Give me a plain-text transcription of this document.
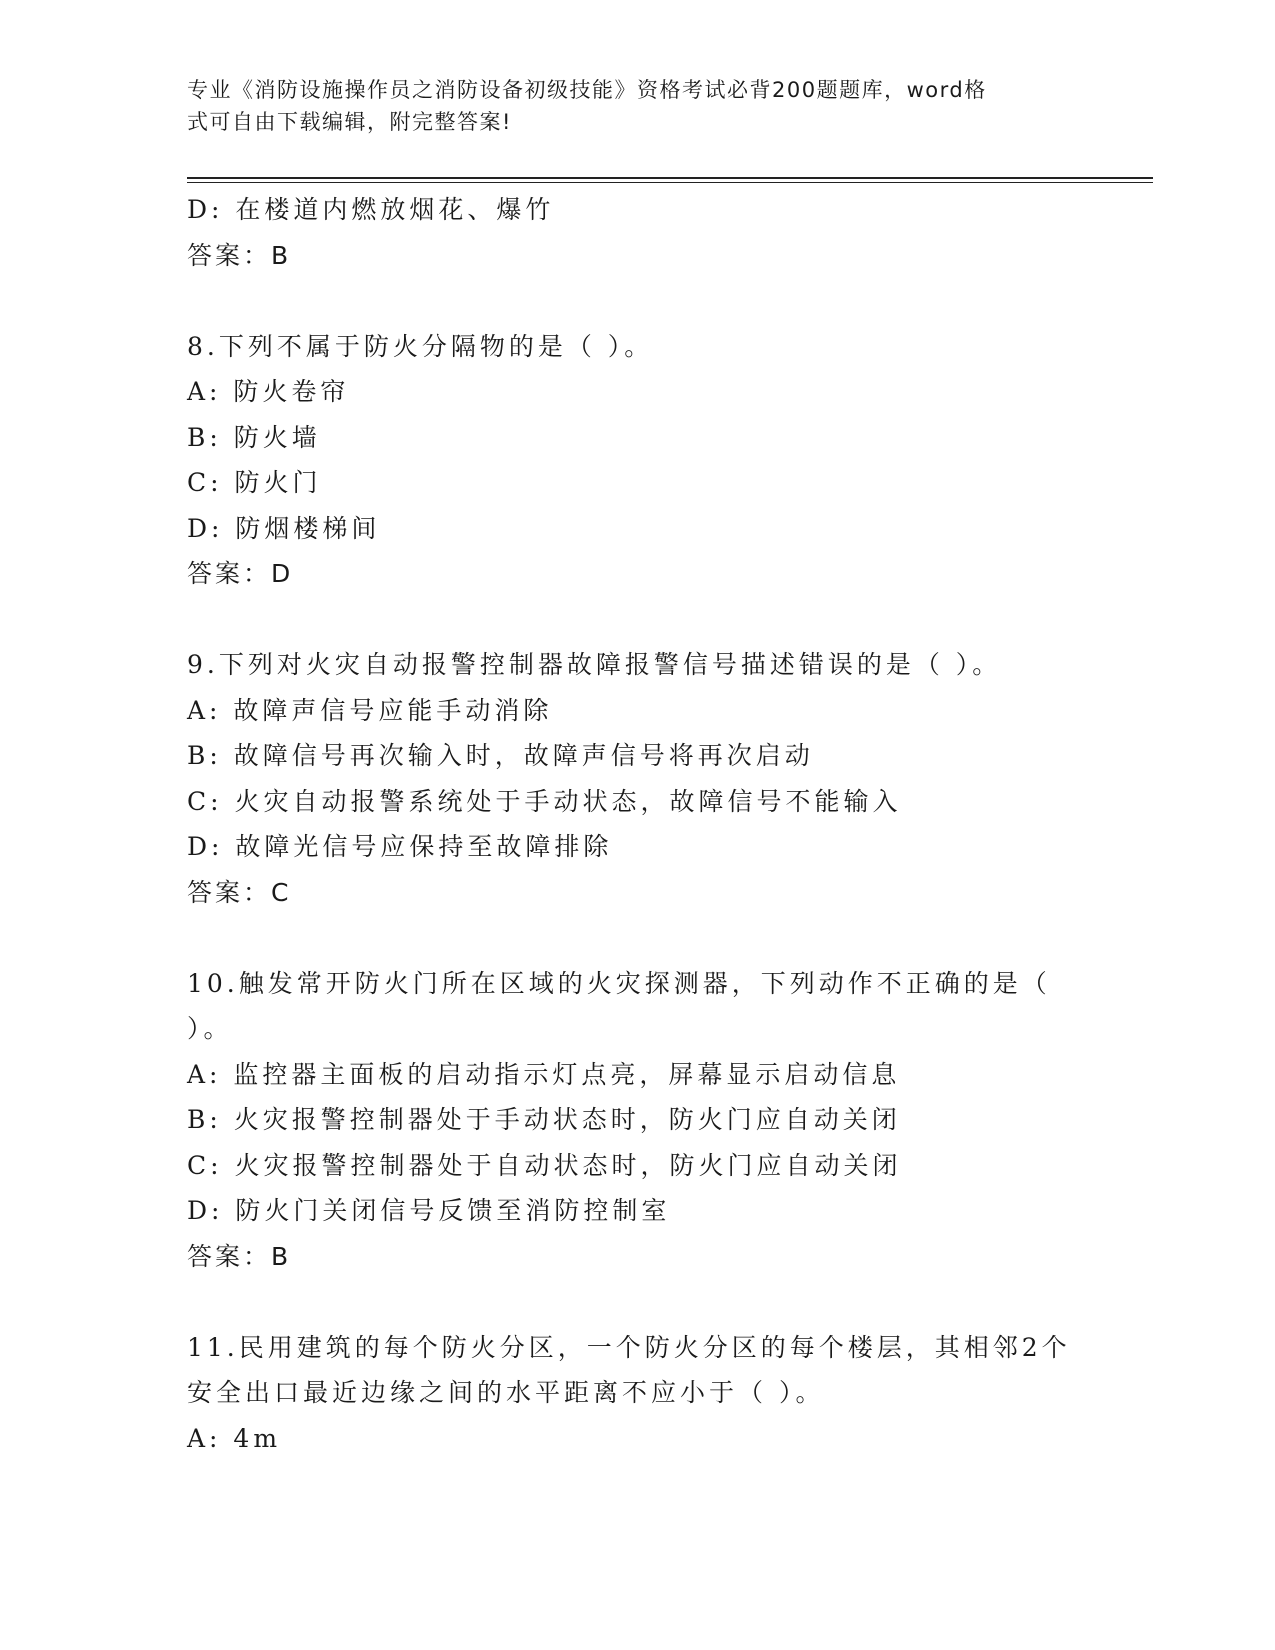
专业《消防设施操作员之消防设备初级技能》资格考试必背200题题库，word格
式可自由下载编辑，附完整答案!
D: 在楼道内燃放烟花、爆竹
答案：B
8.下列不属于防火分隔物的是（ ）。
A: 防火卷帘
B: 防火墙
C: 防火门
D: 防烟楼梯间
答案：D
9.下列对火灾自动报警控制器故障报警信号描述错误的是（ ）。
A: 故障声信号应能手动消除
B: 故障信号再次输入时，故障声信号将再次启动
C: 火灾自动报警系统处于手动状态，故障信号不能输入
D: 故障光信号应保持至故障排除
答案：C
10.触发常开防火门所在区域的火灾探测器，下列动作不正确的是（
）。
A: 监控器主面板的启动指示灯点亮，屏幕显示启动信息
B: 火灾报警控制器处于手动状态时，防火门应自动关闭
C: 火灾报警控制器处于自动状态时，防火门应自动关闭
D: 防火门关闭信号反馈至消防控制室
答案：B
11.民用建筑的每个防火分区，一个防火分区的每个楼层，其相邻2个
安全出口最近边缘之间的水平距离不应小于（ ）。
A: 4m
